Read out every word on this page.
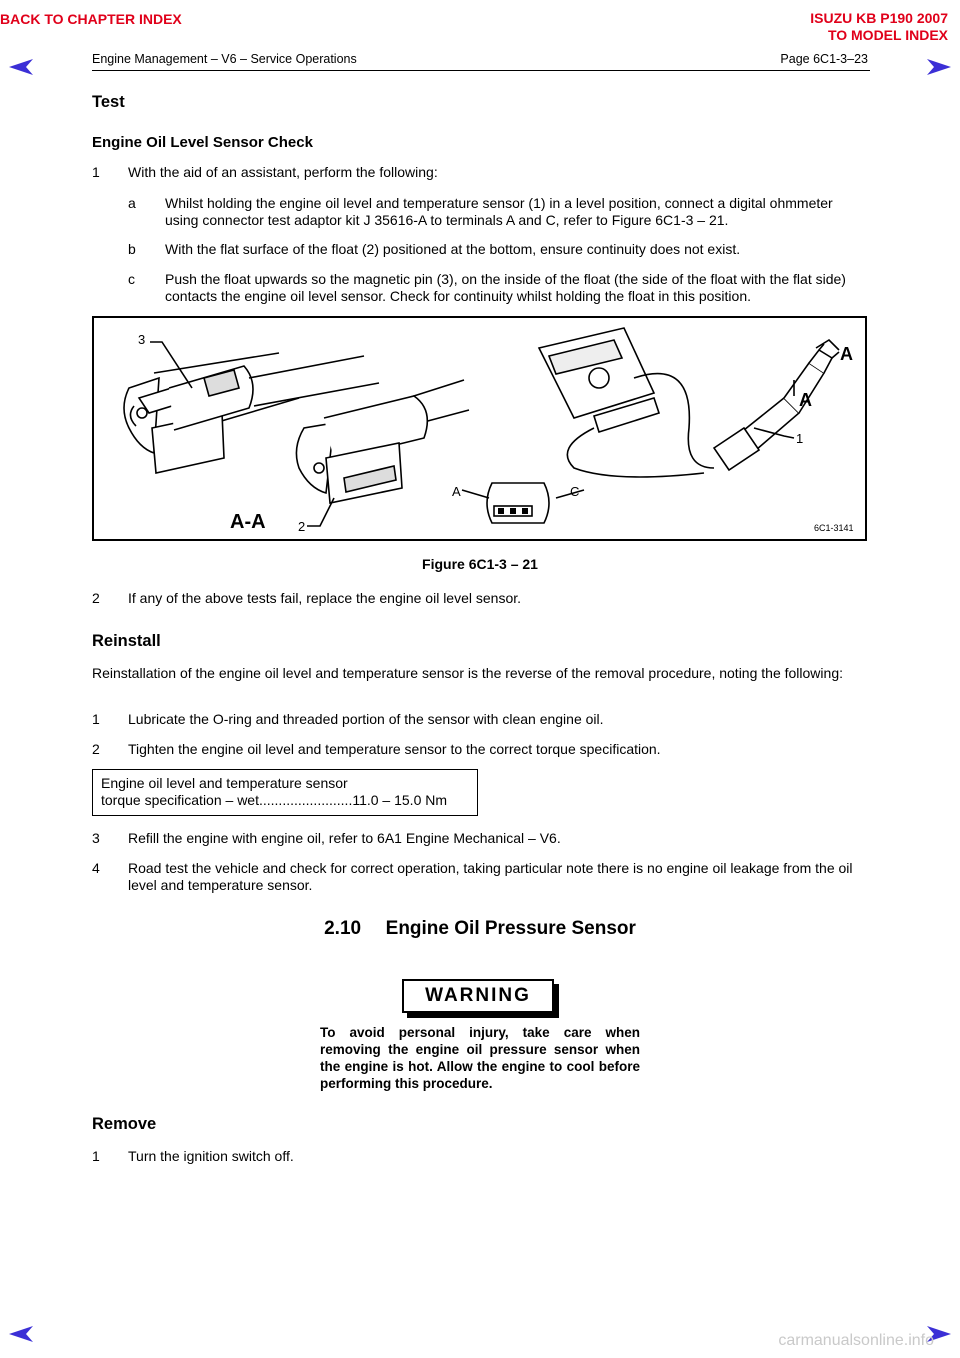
BACK TO CHAPTER INDEX	ISUZU KB P190 2007
TO MODEL INDEX
Engine Management – V6 – Service Operations	Page 6C1-3–23
Test
Engine Oil Level Sensor Check
1 With the aid of an assistant, perform the following:
a Whilst holding the engine oil level and temperature sensor (1) in a level position, connect a digital ohmmeter using connector test adaptor kit J 35616-A to terminals A and C, refer to Figure 6C1-3 – 21.
b With the flat surface of the float (2) positioned at the bottom, ensure continuity does not exist.
c Push the float upwards so the magnetic pin (3), on the inside of the float (the side of the float with the flat side) contacts the engine oil level sensor. Check for continuity whilst holding the float in this position.
3
2
1
A-A
A
A
A	C
6C1-3141
Figure 6C1-3 – 21
2 If any of the above tests fail, replace the engine oil level sensor.
Reinstall
Reinstallation of the engine oil level and temperature sensor is the reverse of the removal procedure, noting the following:
1 Lubricate the O-ring and threaded portion of the sensor with clean engine oil.
2 Tighten the engine oil level and temperature sensor to the correct torque specification.
Engine oil level and temperature sensor
torque specification – wet........................11.0 – 15.0 Nm
3 Refill the engine with engine oil, refer to 6A1 Engine Mechanical – V6.
4 Road test the vehicle and check for correct operation, taking particular note there is no engine oil leakage from the oil level and temperature sensor.
2.10 Engine Oil Pressure Sensor
WARNING
To avoid personal injury, take care when removing the engine oil pressure sensor when the engine is hot. Allow the engine to cool before performing this procedure.
Remove
1 Turn the ignition switch off.
carmanualsonline.info
